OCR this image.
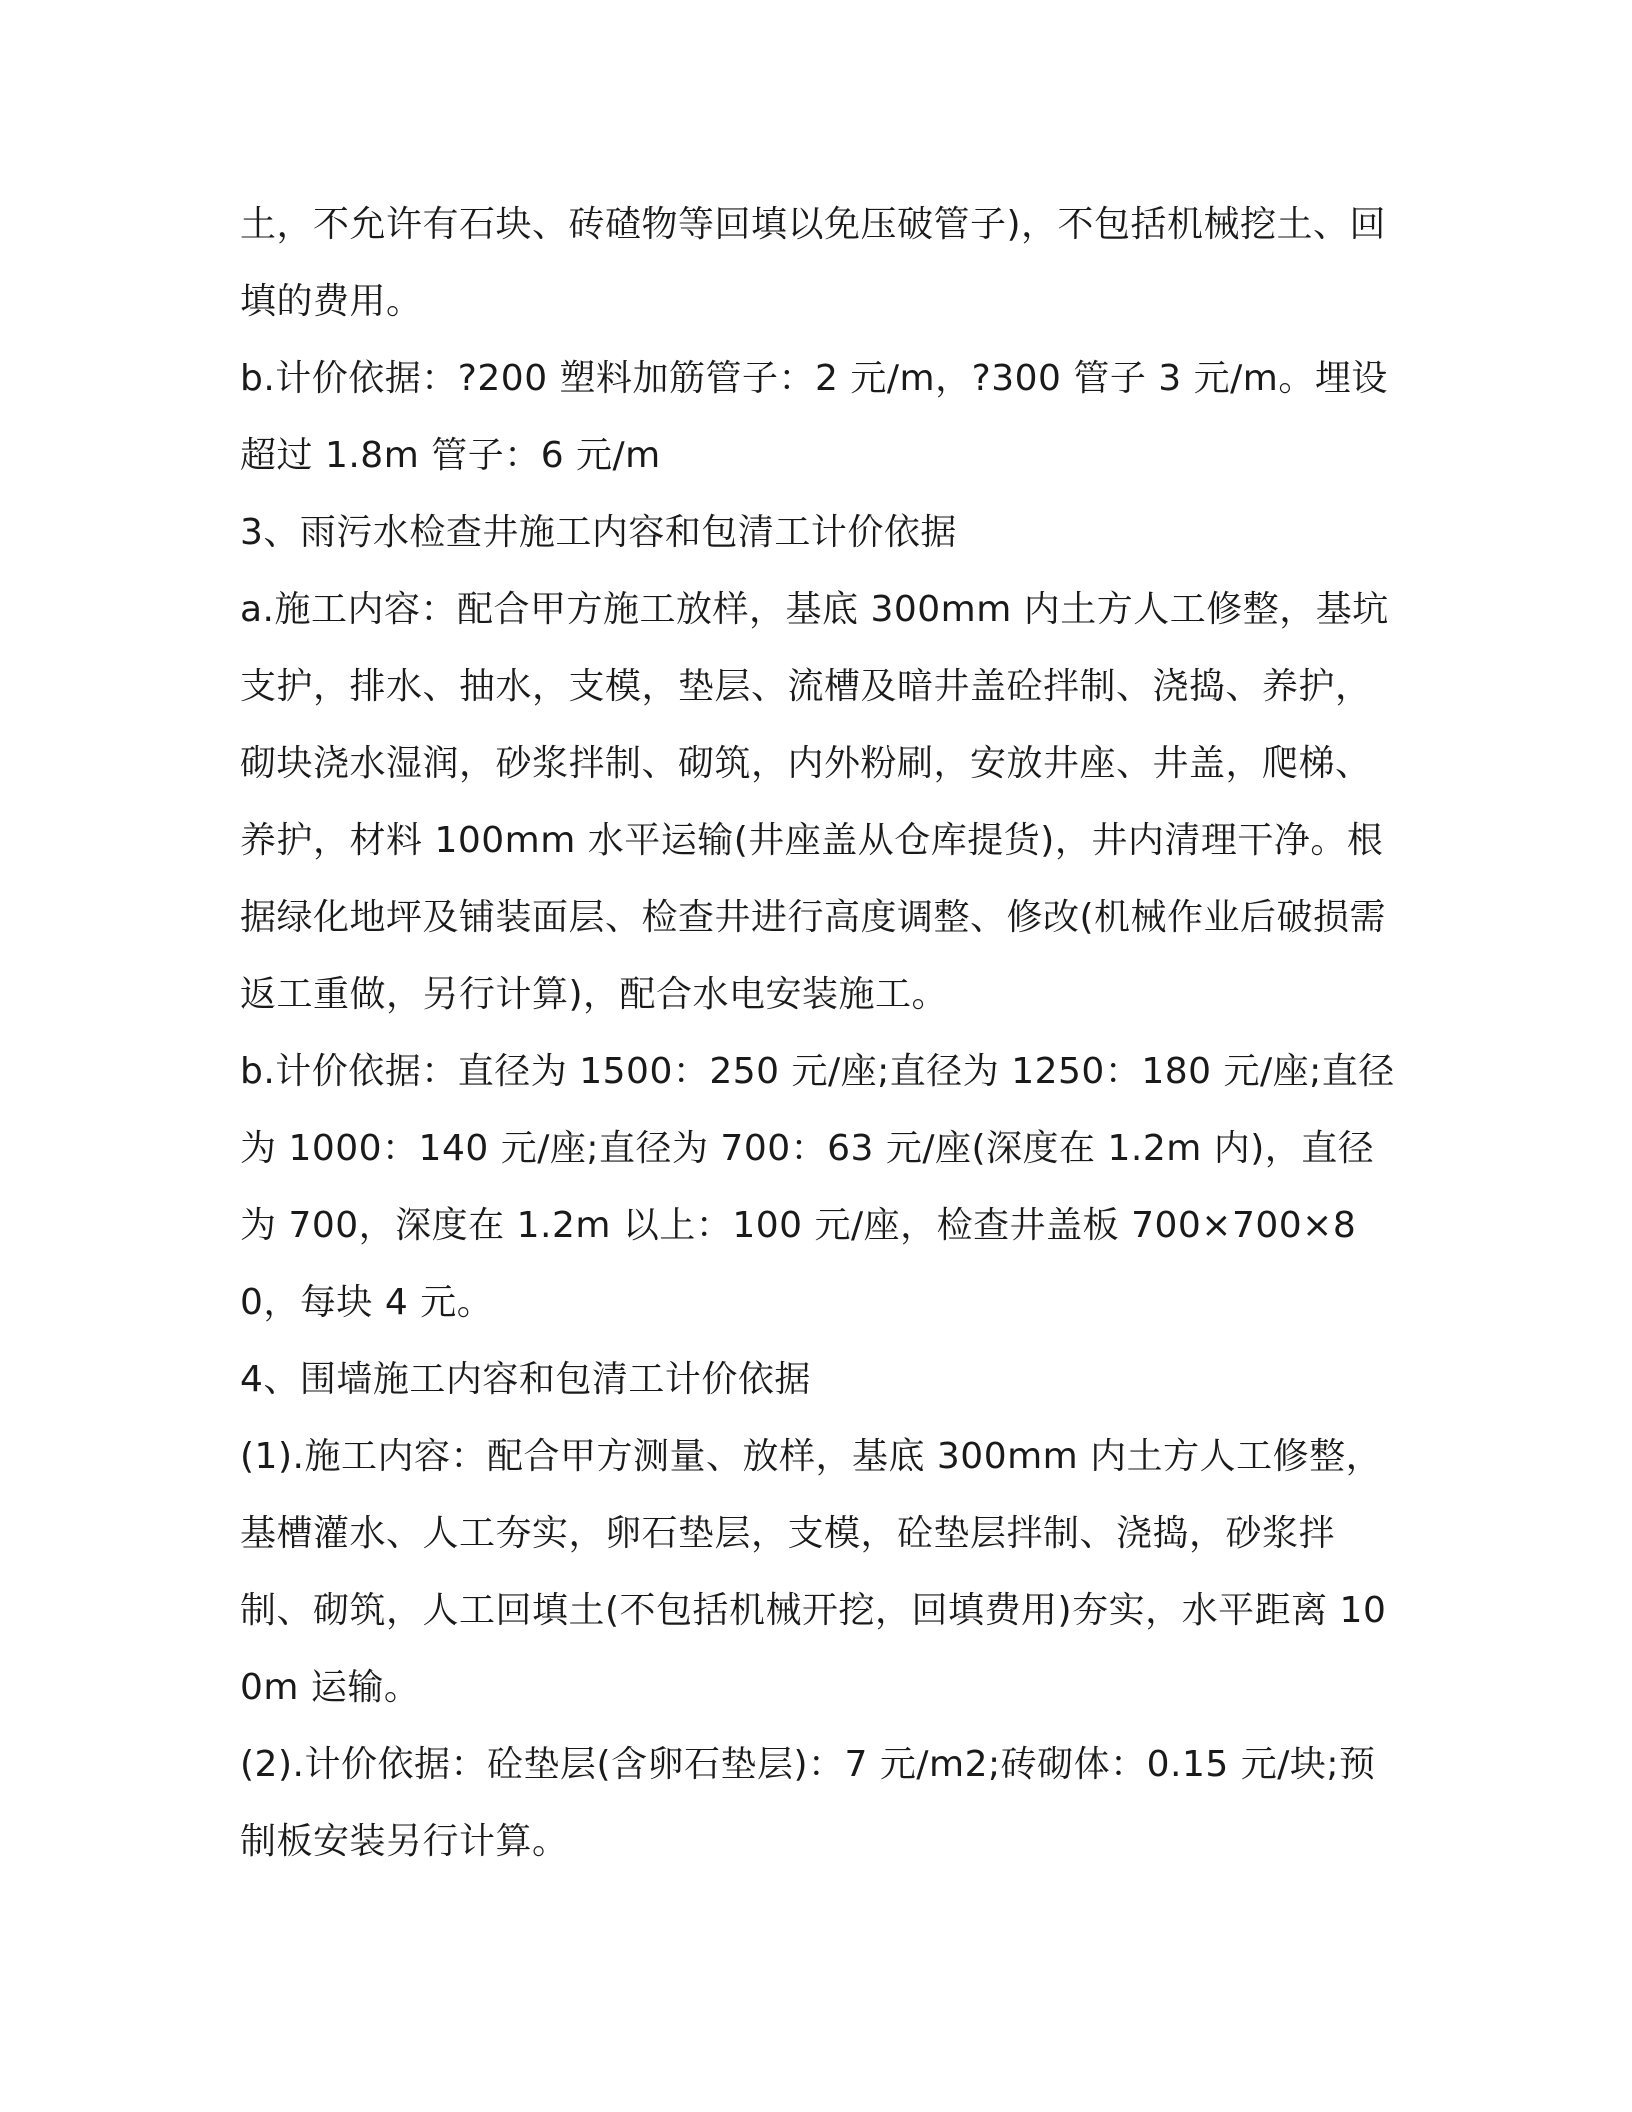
土，不允许有石块、砖碴物等回填以免压破管子)，不包括机械挖土、回填的费用。

b.计价依据：?200 塑料加筋管子：2 元/m，?300 管子 3 元/m。埋设超过 1.8m 管子：6 元/m

3、雨污水检查井施工内容和包清工计价依据

a.施工内容：配合甲方施工放样，基底 300mm 内土方人工修整，基坑支护，排水、抽水，支模，垫层、流槽及暗井盖砼拌制、浇捣、养护，砌块浇水湿润，砂浆拌制、砌筑，内外粉刷，安放井座、井盖，爬梯、养护，材料 100mm 水平运输(井座盖从仓库提货)，井内清理干净。根据绿化地坪及铺装面层、检查井进行高度调整、修改(机械作业后破损需返工重做，另行计算)，配合水电安装施工。

b.计价依据：直径为 1500：250 元/座;直径为 1250：180 元/座;直径为 1000：140 元/座;直径为 700：63 元/座(深度在 1.2m 内)，直径为 700，深度在 1.2m 以上：100 元/座，检查井盖板 700×700×80，每块 4 元。

4、围墙施工内容和包清工计价依据

(1).施工内容：配合甲方测量、放样，基底 300mm 内土方人工修整，基槽灌水、人工夯实，卵石垫层，支模，砼垫层拌制、浇捣，砂浆拌制、砌筑，人工回填土(不包括机械开挖，回填费用)夯实，水平距离 100m 运输。

(2).计价依据：砼垫层(含卵石垫层)：7 元/m2;砖砌体：0.15 元/块;预制板安装另行计算。
